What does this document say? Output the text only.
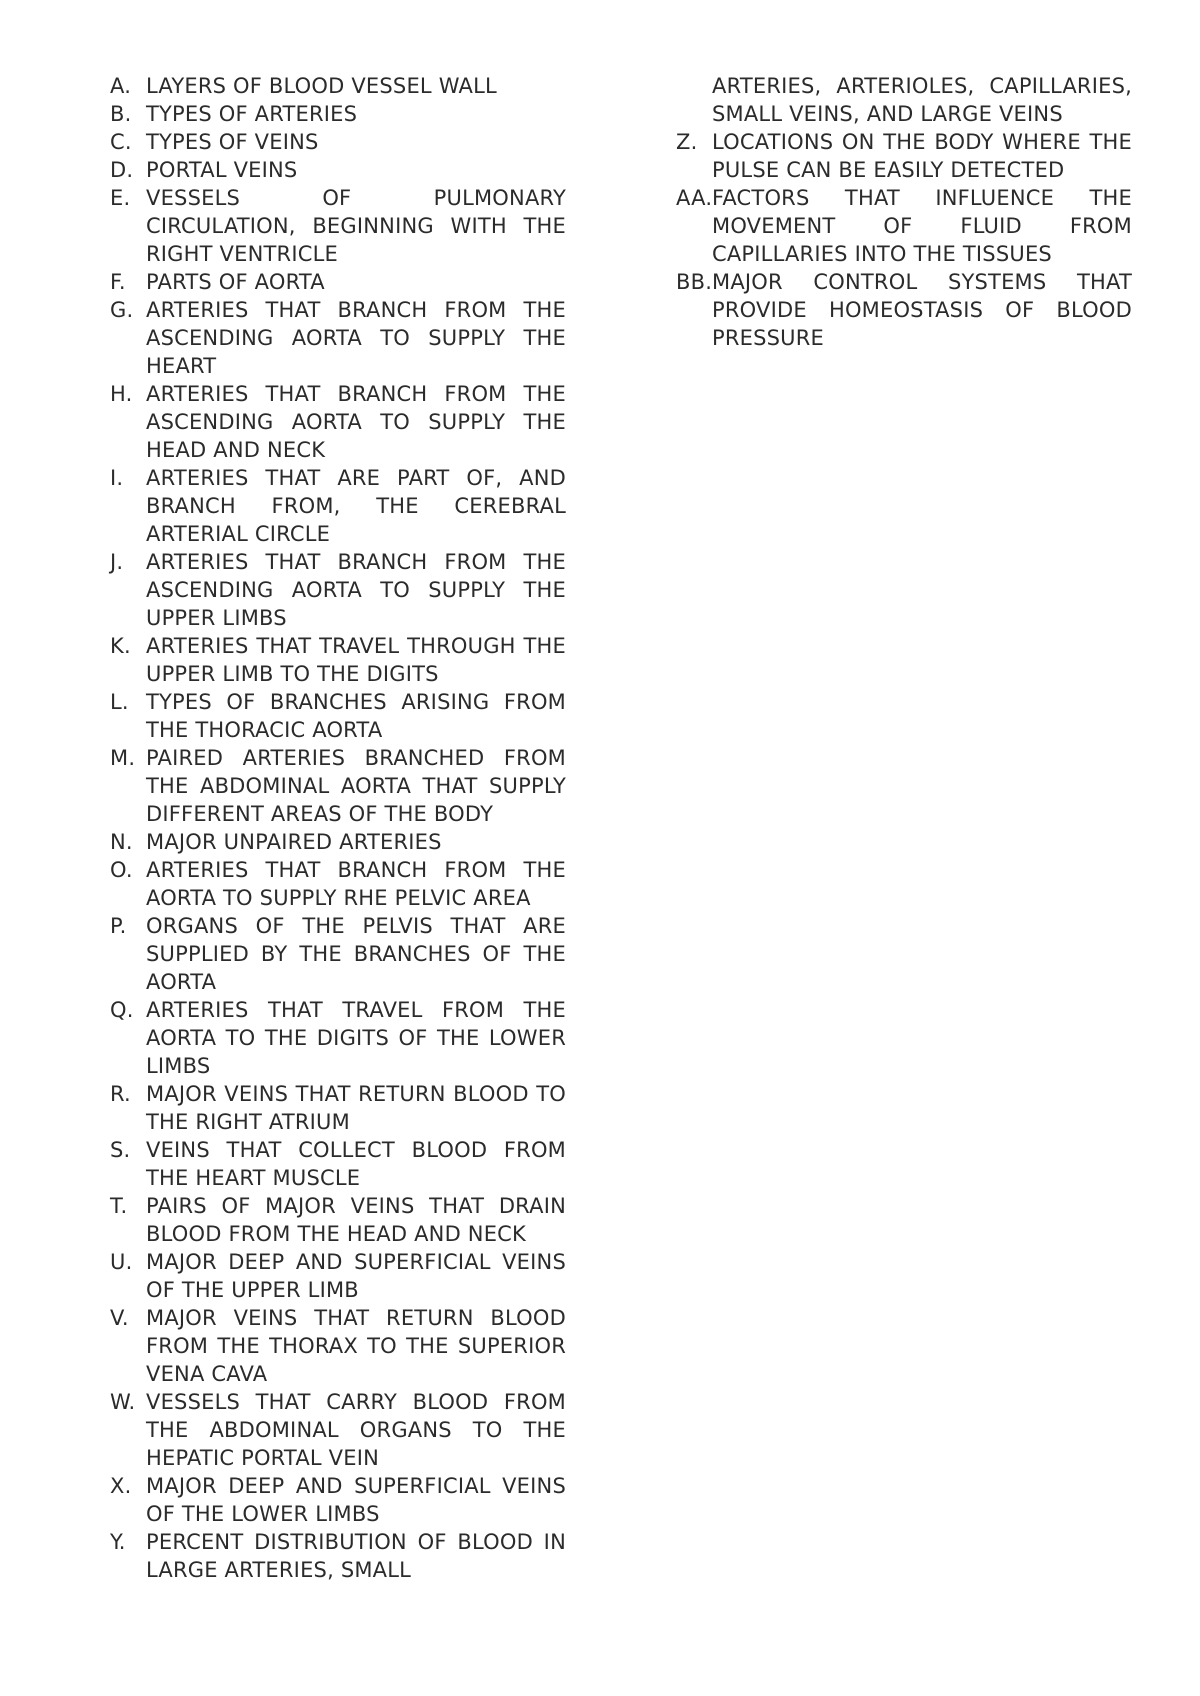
A. LAYERS OF BLOOD VESSEL WALL
B. TYPES OF ARTERIES
C. TYPES OF VEINS
D. PORTAL VEINS
E. VESSELS OF PULMONARY CIRCULATION, BEGINNING WITH THE RIGHT VENTRICLE
F. PARTS OF AORTA
G. ARTERIES THAT BRANCH FROM THE ASCENDING AORTA TO SUPPLY THE HEART
H. ARTERIES THAT BRANCH FROM THE ASCENDING AORTA TO SUPPLY THE HEAD AND NECK
I.	ARTERIES THAT ARE PART OF, AND BRANCH FROM, THE CEREBRAL ARTERIAL CIRCLE
J.	ARTERIES THAT BRANCH FROM THE ASCENDING AORTA TO SUPPLY THE UPPER LIMBS
K. ARTERIES THAT TRAVEL THROUGH THE UPPER LIMB TO THE DIGITS
L. TYPES OF BRANCHES ARISING FROM THE THORACIC AORTA
M. PAIRED ARTERIES BRANCHED FROM THE ABDOMINAL AORTA THAT SUPPLY DIFFERENT AREAS OF THE BODY
N. MAJOR UNPAIRED ARTERIES
O. ARTERIES THAT BRANCH FROM THE AORTA TO SUPPLY RHE PELVIC AREA
P. ORGANS OF THE PELVIS THAT ARE SUPPLIED BY THE BRANCHES OF THE AORTA
Q. ARTERIES THAT TRAVEL FROM THE AORTA TO THE DIGITS OF THE LOWER LIMBS
R. MAJOR VEINS THAT RETURN BLOOD TO THE RIGHT ATRIUM
S. VEINS THAT COLLECT BLOOD FROM THE HEART MUSCLE
T. PAIRS OF MAJOR VEINS THAT DRAIN BLOOD FROM THE HEAD AND NECK
U. MAJOR DEEP AND SUPERFICIAL VEINS OF THE UPPER LIMB
V. MAJOR VEINS THAT RETURN BLOOD FROM THE THORAX TO THE SUPERIOR VENA CAVA
W. VESSELS THAT CARRY BLOOD FROM THE ABDOMINAL ORGANS TO THE HEPATIC PORTAL VEIN
X. MAJOR DEEP AND SUPERFICIAL VEINS OF THE LOWER LIMBS
Y. PERCENT DISTRIBUTION OF BLOOD IN LARGE ARTERIES, SMALL
ARTERIES, ARTERIOLES, CAPILLARIES, SMALL VEINS, AND LARGE VEINS
Z. LOCATIONS ON THE BODY WHERE THE PULSE CAN BE EASILY DETECTED
AA. FACTORS THAT INFLUENCE THE MOVEMENT OF FLUID FROM CAPILLARIES INTO THE TISSUES
BB. MAJOR CONTROL SYSTEMS THAT PROVIDE HOMEOSTASIS OF BLOOD PRESSURE
